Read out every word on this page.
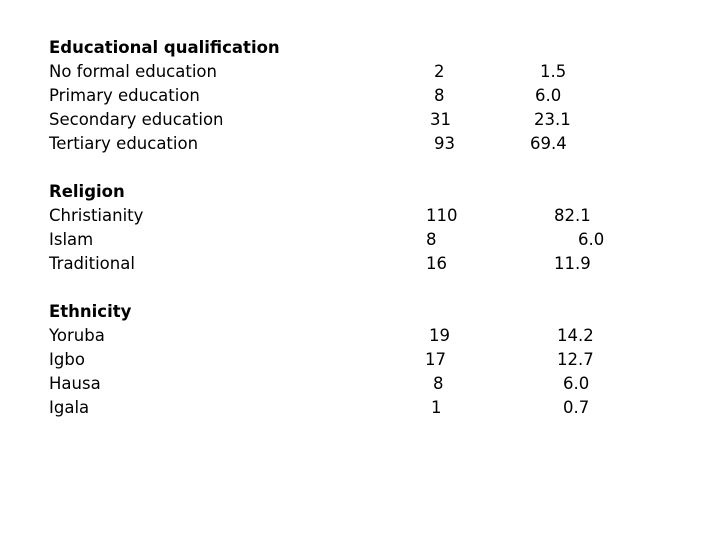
Educational qualification
No formal education	2	1.5
Primary education	8	6.0
Secondary education	31	23.1
Tertiary education	93	69.4
Religion
Christianity	110	82.1
Islam	8	6.0
Traditional	16	11.9
Ethnicity
Yoruba	19	14.2
Igbo	17	12.7
Hausa	8	6.0
Igala	1	0.7
